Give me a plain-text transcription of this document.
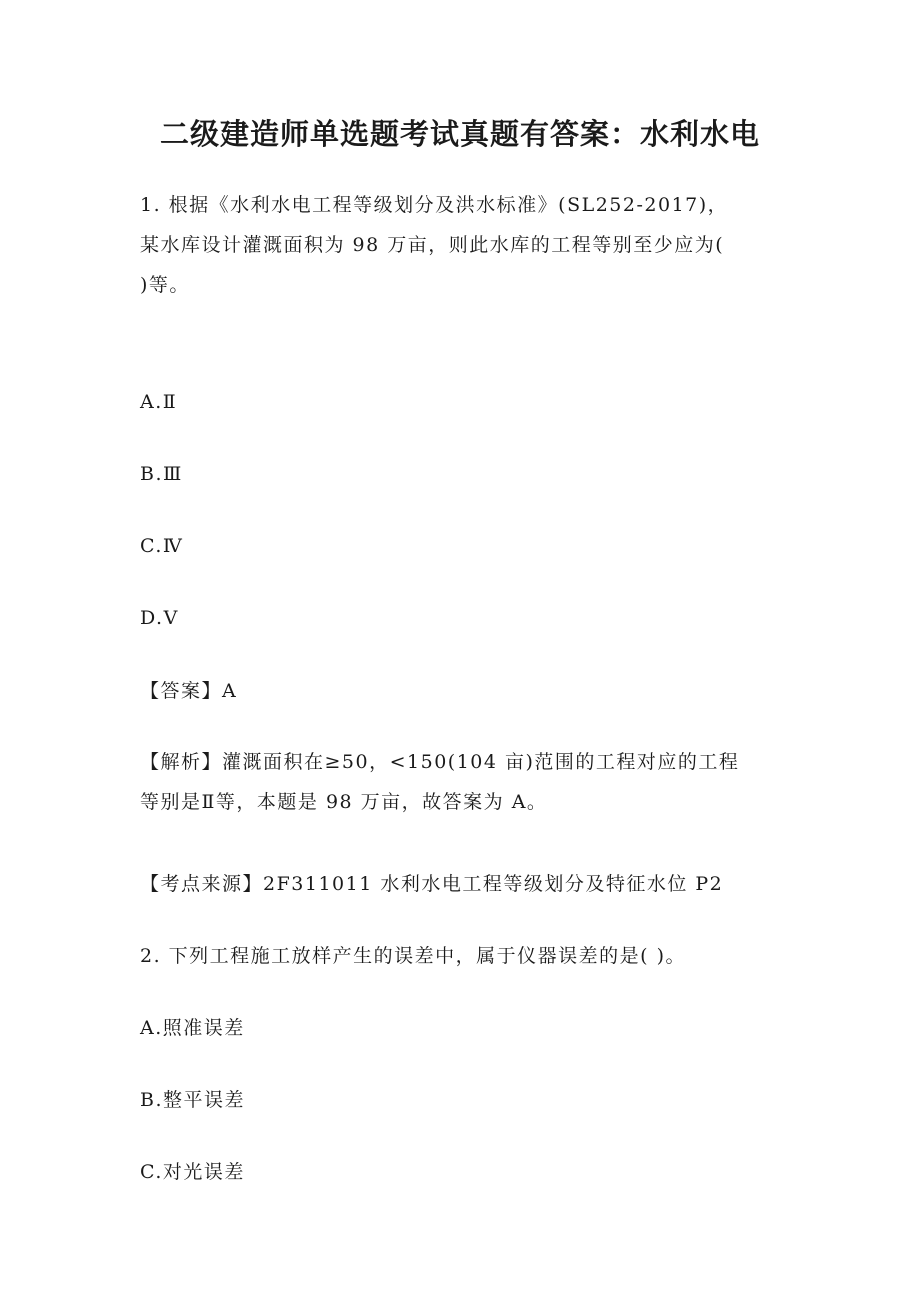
二级建造师单选题考试真题有答案：水利水电
1. 根据《水利水电工程等级划分及洪水标准》(SL252-2017)，
某水库设计灌溉面积为 98 万亩，则此水库的工程等别至少应为(
)等。

A.Ⅱ

B.Ⅲ

C.Ⅳ

D.Ⅴ

【答案】A

【解析】灌溉面积在≥50，<150(104 亩)范围的工程对应的工程
等别是Ⅱ等，本题是 98 万亩，故答案为 A。

【考点来源】2F311011 水利水电工程等级划分及特征水位 P2

2. 下列工程施工放样产生的误差中，属于仪器误差的是( )。

A.照准误差

B.整平误差

C.对光误差
